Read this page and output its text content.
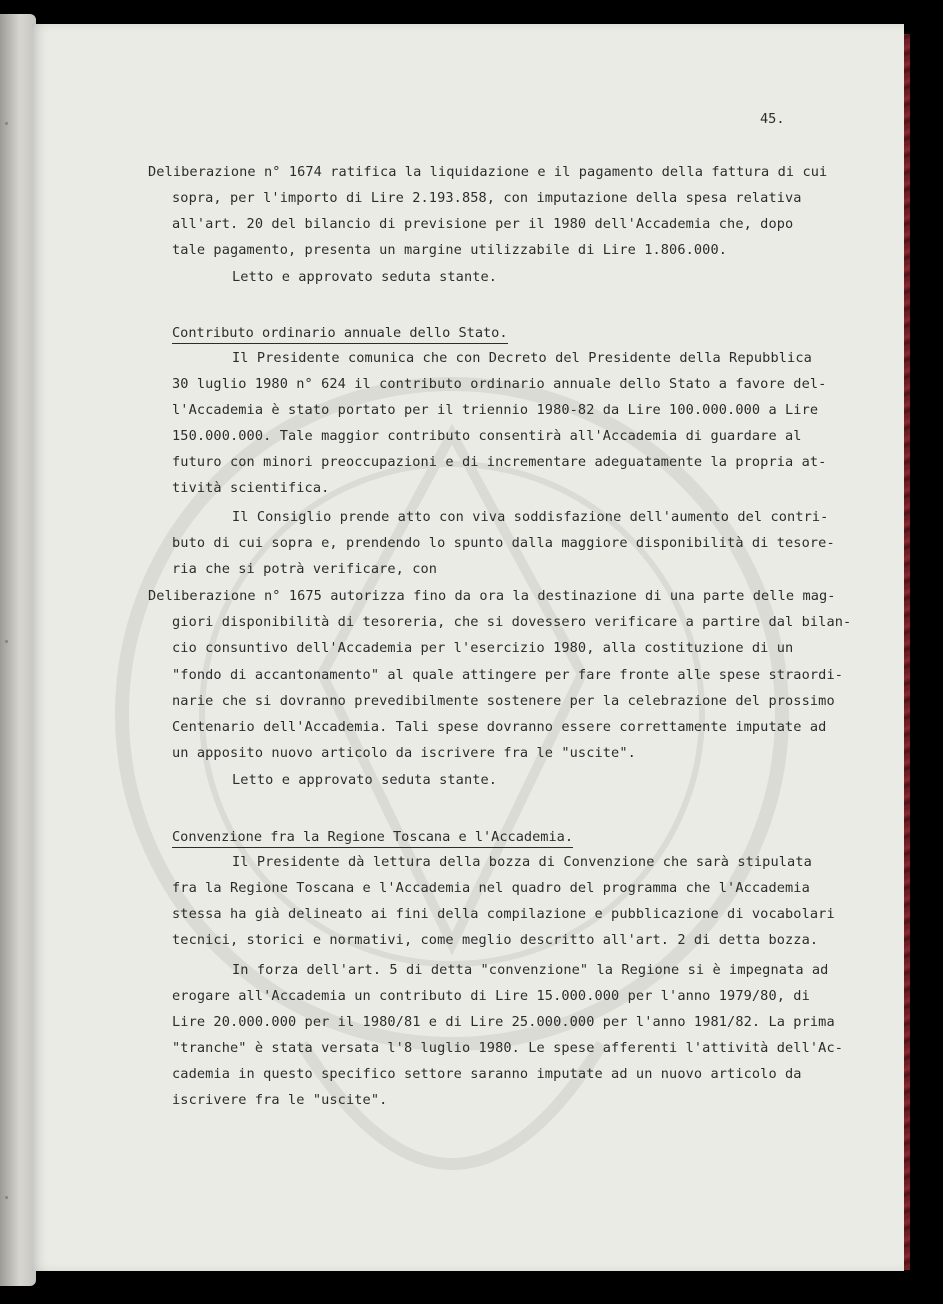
45.
Deliberazione n° 1674 ratifica la liquidazione e il pagamento della fattura di cui
sopra, per l'importo di Lire 2.193.858, con imputazione della spesa relativa
all'art. 20 del bilancio di previsione per il 1980 dell'Accademia che, dopo
tale pagamento, presenta un margine utilizzabile di Lire 1.806.000.
Letto e approvato seduta stante.
Contributo ordinario annuale dello Stato.
Il Presidente comunica che con Decreto del Presidente della Repubblica
30 luglio 1980 n° 624 il contributo ordinario annuale dello Stato a favore del-
l'Accademia è stato portato per il triennio 1980-82 da Lire 100.000.000 a Lire
150.000.000. Tale maggior contributo consentirà all'Accademia di guardare al
futuro con minori preoccupazioni e di incrementare adeguatamente la propria at-
tività scientifica.
Il Consiglio prende atto con viva soddisfazione dell'aumento del contri-
buto di cui sopra e, prendendo lo spunto dalla maggiore disponibilità di tesore-
ria che si potrà verificare, con
Deliberazione n° 1675 autorizza fino da ora la destinazione di una parte delle mag-
giori disponibilità di tesoreria, che si dovessero verificare a partire dal bilan-
cio consuntivo dell'Accademia per l'esercizio 1980, alla costituzione di un
"fondo di accantonamento" al quale attingere per fare fronte alle spese straordi-
narie che si dovranno prevedibilmente sostenere per la celebrazione del prossimo
Centenario dell'Accademia. Tali spese dovranno essere correttamente imputate ad
un apposito nuovo articolo da iscrivere fra le "uscite".
Letto e approvato seduta stante.
Convenzione fra la Regione Toscana e l'Accademia.
Il Presidente dà lettura della bozza di Convenzione che sarà stipulata
fra la Regione Toscana e l'Accademia nel quadro del programma che l'Accademia
stessa ha già delineato ai fini della compilazione e pubblicazione di vocabolari
tecnici, storici e normativi, come meglio descritto all'art. 2 di detta bozza.
In forza dell'art. 5 di detta "convenzione" la Regione si è impegnata ad
erogare all'Accademia un contributo di Lire 15.000.000 per l'anno 1979/80, di
Lire 20.000.000 per il 1980/81 e di Lire 25.000.000 per l'anno 1981/82. La prima
"tranche" è stata versata l'8 luglio 1980. Le spese afferenti l'attività dell'Ac-
cademia in questo specifico settore saranno imputate ad un nuovo articolo da
iscrivere fra le "uscite".
